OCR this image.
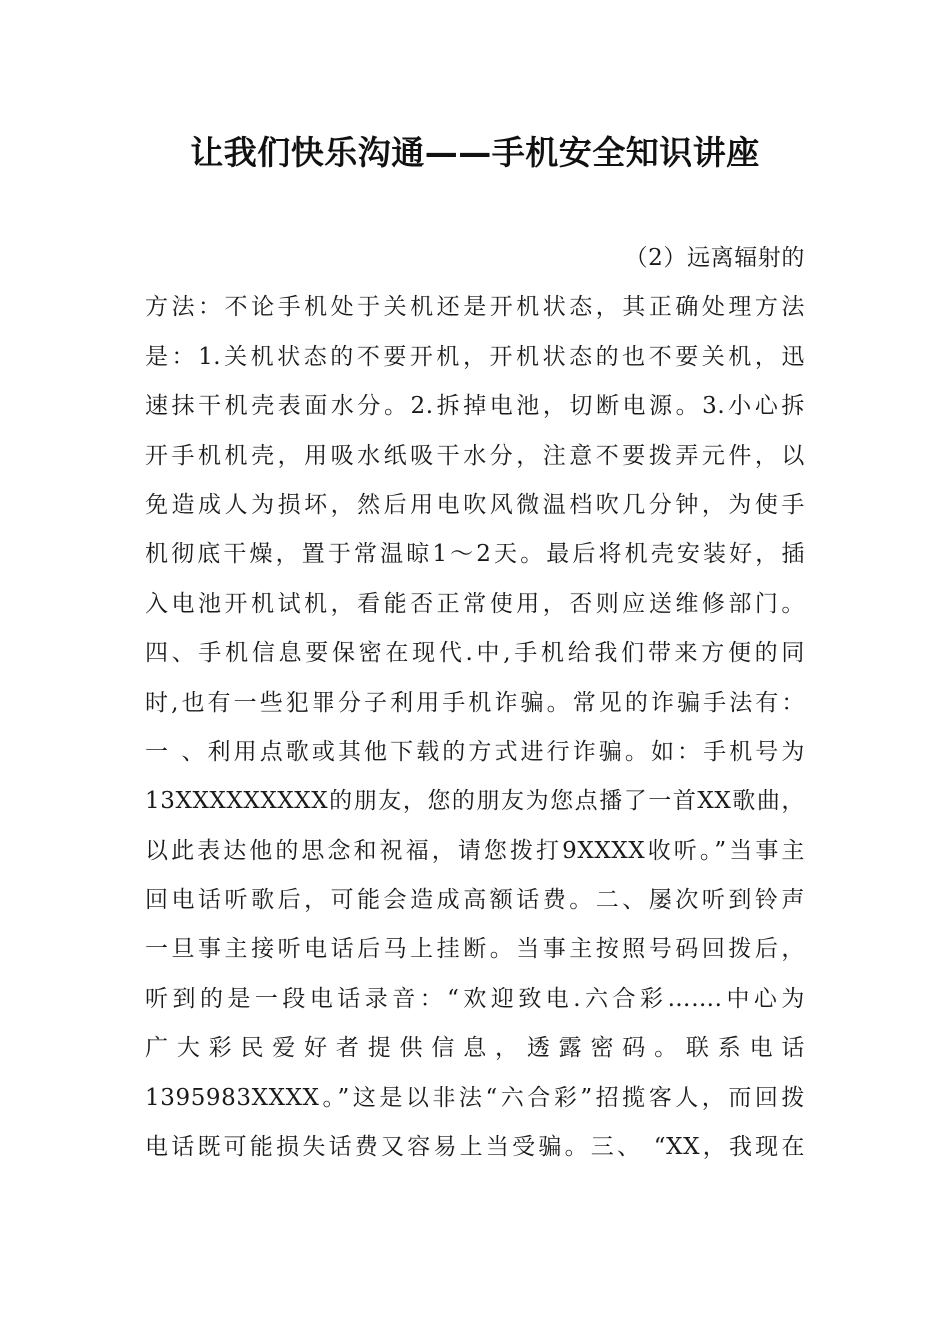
让我们快乐沟通——手机安全知识讲座
（2）远离辐射的
方法：不论手机处于关机还是开机状态，其正确处理方法
是：1.关机状态的不要开机，开机状态的也不要关机，迅
速抹干机壳表面水分。2.拆掉电池，切断电源。3.小心拆
开手机机壳，用吸水纸吸干水分，注意不要拨弄元件，以
免造成人为损坏，然后用电吹风微温档吹几分钟，为使手
机彻底干燥，置于常温晾1～2天。最后将机壳安装好，插
入电池开机试机，看能否正常使用，否则应送维修部门。
四、手机信息要保密在现代.中,手机给我们带来方便的同
时,也有一些犯罪分子利用手机诈骗。常见的诈骗手法有：
一 、利用点歌或其他下载的方式进行诈骗。如：手机号为
13XXXXXXXXX的朋友，您的朋友为您点播了一首XX歌曲，
以此表达他的思念和祝福，请您拨打9XXXX收听。”当事主
回电话听歌后，可能会造成高额话费。二、屡次听到铃声
一旦事主接听电话后马上挂断。当事主按照号码回拨后，
听到的是一段电话录音：“欢迎致电.六合彩…….中心为
广大彩民爱好者提供信息，透露密码。联系电话
1395983XXXX。”这是以非法“六合彩”招揽客人，而回拨
电话既可能损失话费又容易上当受骗。三、 “XX，我现在
